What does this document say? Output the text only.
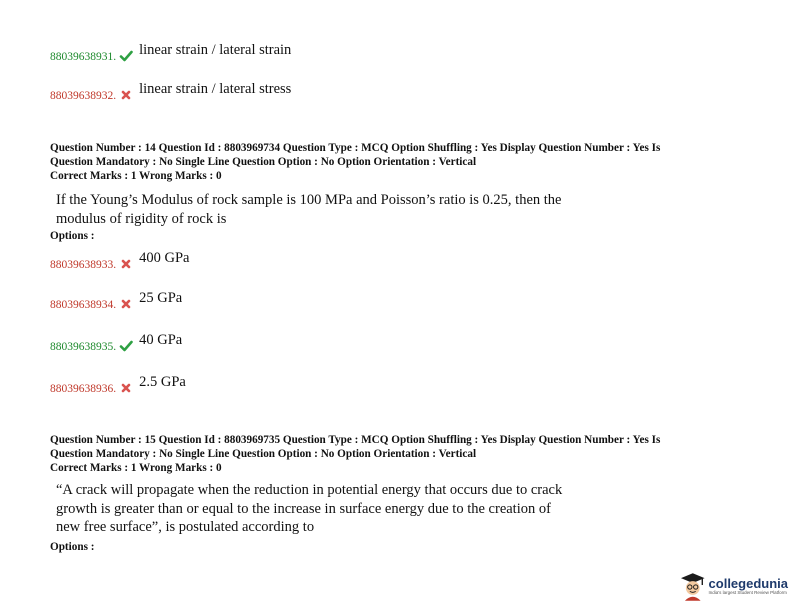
88039638931. linear strain / lateral strain
88039638932. linear strain / lateral stress
Question Number : 14 Question Id : 8803969734 Question Type : MCQ Option Shuffling : Yes Display Question Number : Yes Is
Question Mandatory : No Single Line Question Option : No Option Orientation : Vertical
Correct Marks : 1 Wrong Marks : 0
If the Young’s Modulus of rock sample is 100 MPa and Poisson’s ratio is 0.25, then the
modulus of rigidity of rock is
Options :
88039638933. 400 GPa
88039638934. 25 GPa
88039638935. 40 GPa
88039638936. 2.5 GPa
Question Number : 15 Question Id : 8803969735 Question Type : MCQ Option Shuffling : Yes Display Question Number : Yes Is
Question Mandatory : No Single Line Question Option : No Option Orientation : Vertical
Correct Marks : 1 Wrong Marks : 0
“A crack will propagate when the reduction in potential energy that occurs due to crack
growth is greater than or equal to the increase in surface energy due to the creation of
new free surface”, is postulated according to
Options :
collegedunia
India's largest Student Review Platform
